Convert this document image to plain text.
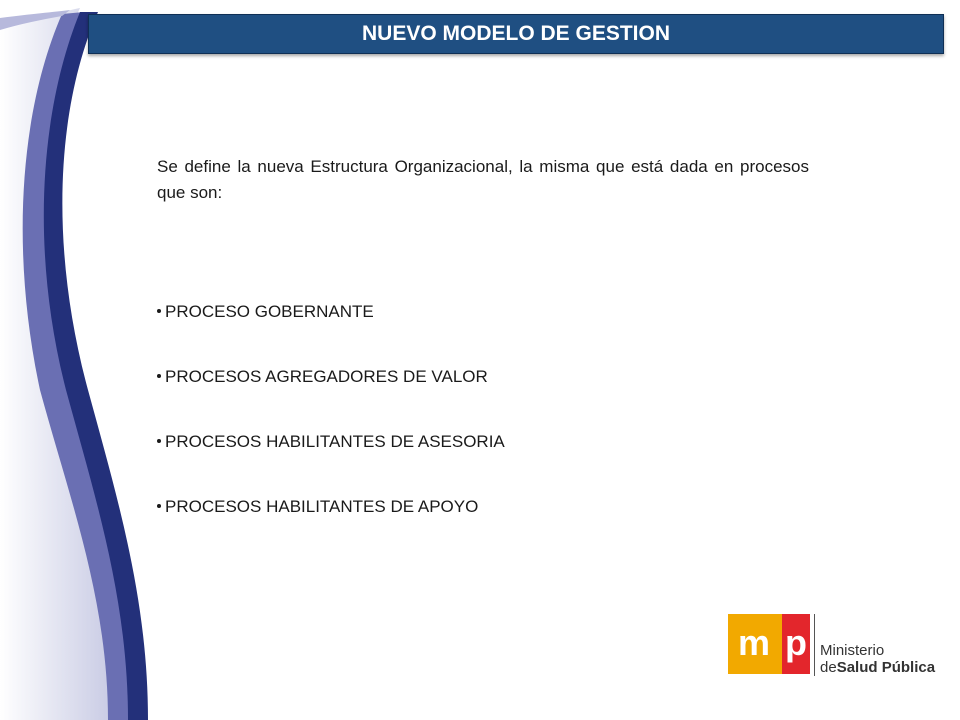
NUEVO MODELO DE GESTION
Se define la nueva Estructura Organizacional, la misma que está dada en procesos que son:
PROCESO GOBERNANTE
PROCESOS AGREGADORES DE VALOR
PROCESOS HABILITANTES DE ASESORIA
PROCESOS HABILITANTES DE APOYO
m p Ministerio
deSalud Pública
